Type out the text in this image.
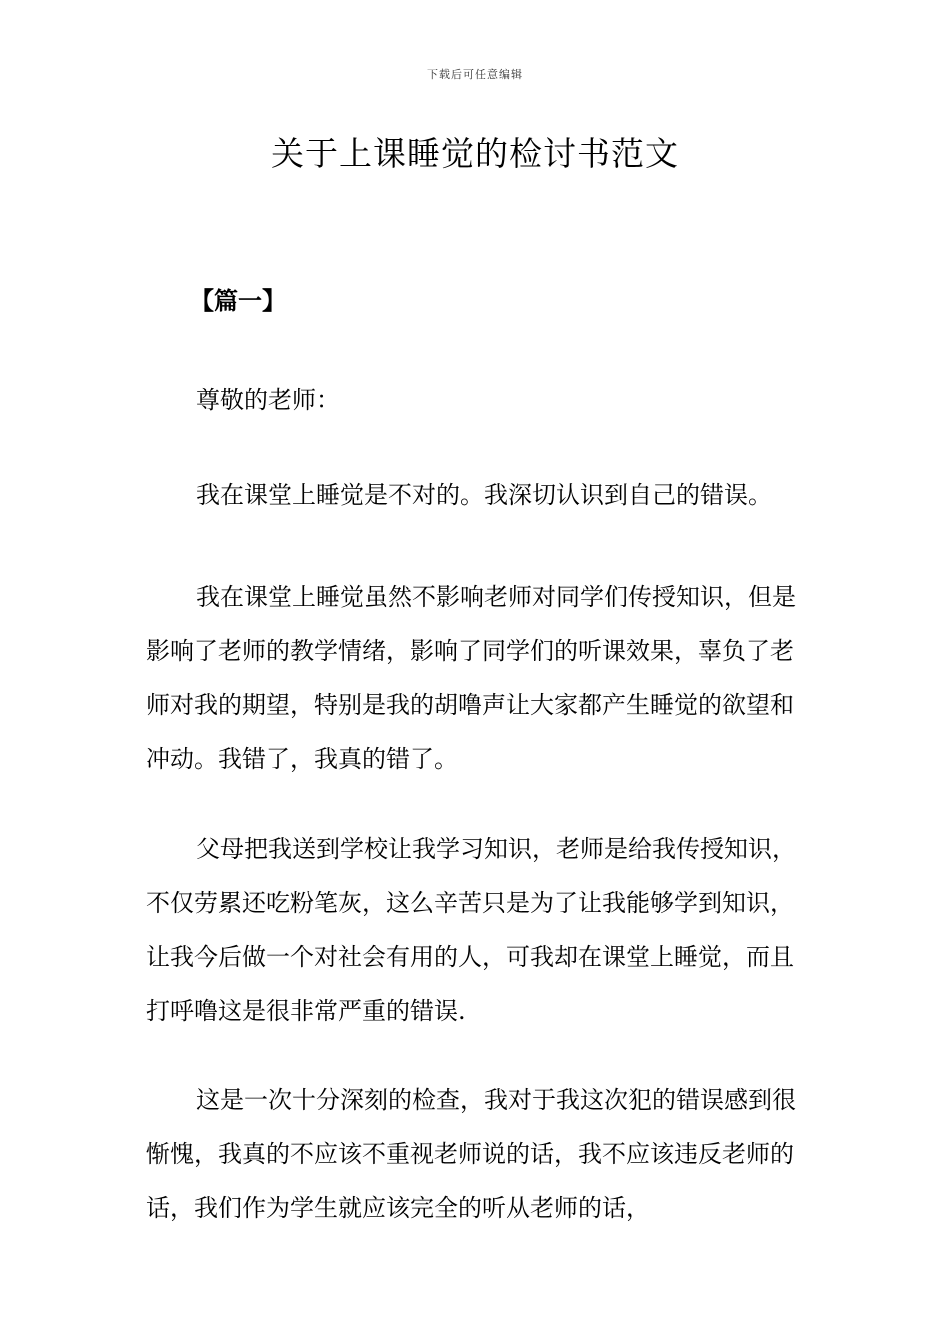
下载后可任意编辑
关于上课睡觉的检讨书范文

【篇一】

尊敬的老师：

我在课堂上睡觉是不对的。我深切认识到自己的错误。

我在课堂上睡觉虽然不影响老师对同学们传授知识，但是影响了老师的教学情绪，影响了同学们的听课效果，辜负了老师对我的期望，特别是我的胡噜声让大家都产生睡觉的欲望和冲动。我错了，我真的错了。

父母把我送到学校让我学习知识，老师是给我传授知识，不仅劳累还吃粉笔灰，这么辛苦只是为了让我能够学到知识，让我今后做一个对社会有用的人，可我却在课堂上睡觉，而且打呼噜这是很非常严重的错误.

这是一次十分深刻的检查，我对于我这次犯的错误感到很惭愧，我真的不应该不重视老师说的话，我不应该违反老师的话，我们作为学生就应该完全的听从老师的话，
